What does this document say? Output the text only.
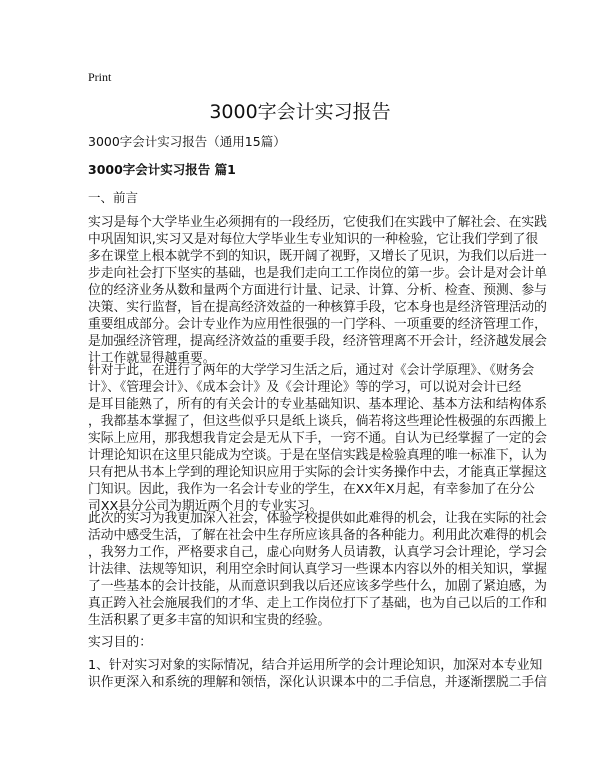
Print
3000字会计实习报告
3000字会计实习报告（通用15篇）
3000字会计实习报告 篇1
一、前言
实习是每个大学毕业生必须拥有的一段经历，它使我们在实践中了解社会、在实践
中巩固知识,实习又是对每位大学毕业生专业知识的一种检验，它让我们学到了很
多在课堂上根本就学不到的知识，既开阔了视野，又增长了见识，为我们以后进一
步走向社会打下坚实的基础，也是我们走向工工作岗位的第一步。会计是对会计单
位的经济业务从数和量两个方面进行计量、记录、计算、分析、检查、预测、参与
决策、实行监督，旨在提高经济效益的一种核算手段，它本身也是经济管理活动的
重要组成部分。会计专业作为应用性很强的一门学科、一项重要的经济管理工作，
是加强经济管理，提高经济效益的重要手段，经济管理离不开会计，经济越发展会
计工作就显得越重要。
针对于此，在进行了两年的大学学习生活之后，通过对《会计学原理》、《财务会
计》、《管理会计》、《成本会计》及《会计理论》等的学习，可以说对会计已经
是耳目能熟了，所有的有关会计的专业基础知识、基本理论、基本方法和结构体系
，我都基本掌握了，但这些似乎只是纸上谈兵，倘若将这些理论性极强的东西搬上
实际上应用，那我想我肯定会是无从下手，一窍不通。自认为已经掌握了一定的会
计理论知识在这里只能成为空谈。于是在坚信实践是检验真理的唯一标准下，认为
只有把从书本上学到的理论知识应用于实际的会计实务操作中去，才能真正掌握这
门知识。因此，我作为一名会计专业的学生，在XX年X月起，有幸参加了在分公
司XX县分公司为期近两个月的专业实习。
此次的实习为我更加深入社会，体验学校提供如此难得的机会，让我在实际的社会
活动中感受生活，了解在社会中生存所应该具备的各种能力。利用此次难得的机会
，我努力工作，严格要求自己，虚心向财务人员请教，认真学习会计理论，学习会
计法律、法规等知识，利用空余时间认真学习一些课本内容以外的相关知识，掌握
了一些基本的会计技能，从而意识到我以后还应该多学些什么，加剧了紧迫感，为
真正跨入社会施展我们的才华、走上工作岗位打下了基础，也为自己以后的工作和
生活积累了更多丰富的知识和宝贵的经验。
实习目的：
1、针对实习对象的实际情况，结合并运用所学的会计理论知识，加深对本专业知
识作更深入和系统的理解和领悟，深化认识课本中的二手信息，并逐渐摆脱二手信
